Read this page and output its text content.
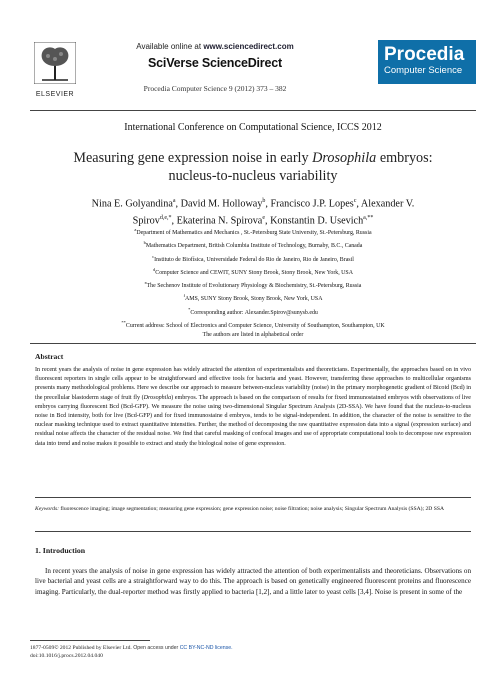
ELSEVIER
Available online at www.sciencedirect.com
SciVerse ScienceDirect
Procedia Computer Science 9 (2012) 373 – 382
Procedia
Computer Science
International Conference on Computational Science, ICCS 2012
Measuring gene expression noise in early Drosophila embryos:
nucleus-to-nucleus variability
Nina E. Golyandina$^a$, David M. Holloway$^b$, Francisco J.P. Lopes$^c$, Alexander V.
Spirov$^{d,e,*}$, Ekaterina N. Spirova$^e$, Konstantin D. Usevich$^{a,**}$
$^a$Department of Mathematics and Mechanics , St.-Petersburg State University, St.-Petersburg, Russia
$^b$Mathematics Department, British Columbia Institute of Technology, Burnaby, B.C., Canada
$^c$Instituto de Biofísica, Universidade Federal do Rio de Janeiro, Rio de Janeiro, Brasil
$^d$Computer Science and CEWIT, SUNY Stony Brook, Stony Brook, New York, USA
$^e$The Sechenov Institute of Evolutionary Physiology & Biochemistry, St.-Petersburg, Russia
$^f$AMS, SUNY Stony Brook, Stony Brook, New York, USA
*Corresponding author: Alexander.Spirov@sunysb.edu
**Current address: School of Electronics and Computer Science, University of Southampton, Southampton, UK
The authors are listed in alphabetical order
Abstract
In recent years the analysis of noise in gene expression has widely attracted the attention of experimentalists and theoreticians. Experimentally, the approaches based on in vivo fluorescent reporters in single cells appear to be straightforward and effective tools for bacteria and yeast. However, transferring these approaches to multicellular organisms presents many methodological problems. Here we describe our approach to measure between-nucleus variability (noise) in the primary morphogenetic gradient of Bicoid (Bcd) in the precellular blastoderm stage of fruit fly (Drosophila) embryos. The approach is based on the comparison of results for fixed immunostained embryos with observations of live embryos carrying fluorescent Bcd (Bcd-GFP). We measure the noise using two-dimensional Singular Spectrum Analysis (2D-SSA). We have found that the nucleus-to-nucleus noise in Bcd intensity, both for live (Bcd-GFP) and for fixed immunostaine d embryos, tends to be signal-independent. In addition, the character of the noise is sensitive to the nuclear masking technique used to extract quantitative intensities. Further, the method of decomposing the raw quantitative expression data into a signal (expression surface) and residual noise affects the character of the residual noise. We find that careful masking of confocal images and use of appropriate computational tools to decompose raw expression data into trend and noise makes it possible to extract and study the biological noise of gene expression.
Keywords: fluorescence imaging; image segmentation; measuring gene expression; gene expression noise; noise filtration; noise analysis; Singular Spectrum Analysis (SSA); 2D SSA
1. Introduction
In recent years the analysis of noise in gene expression has widely attracted the attention of both experimentalists and theoreticians. Observations on live bacterial and yeast cells are a straightforward way to do this. The approach is based on genetically engineered fluorescent proteins and fluorescence imaging. Particularly, the dual-reporter method was firstly applied to bacteria [1,2], and a little later to yeast cells [3,4]. Noise is present in some of the
1877-0509© 2012 Published by Elsevier Ltd. Open access under CC BY-NC-ND license.
doi:10.1016/j.procs.2012.04.040
